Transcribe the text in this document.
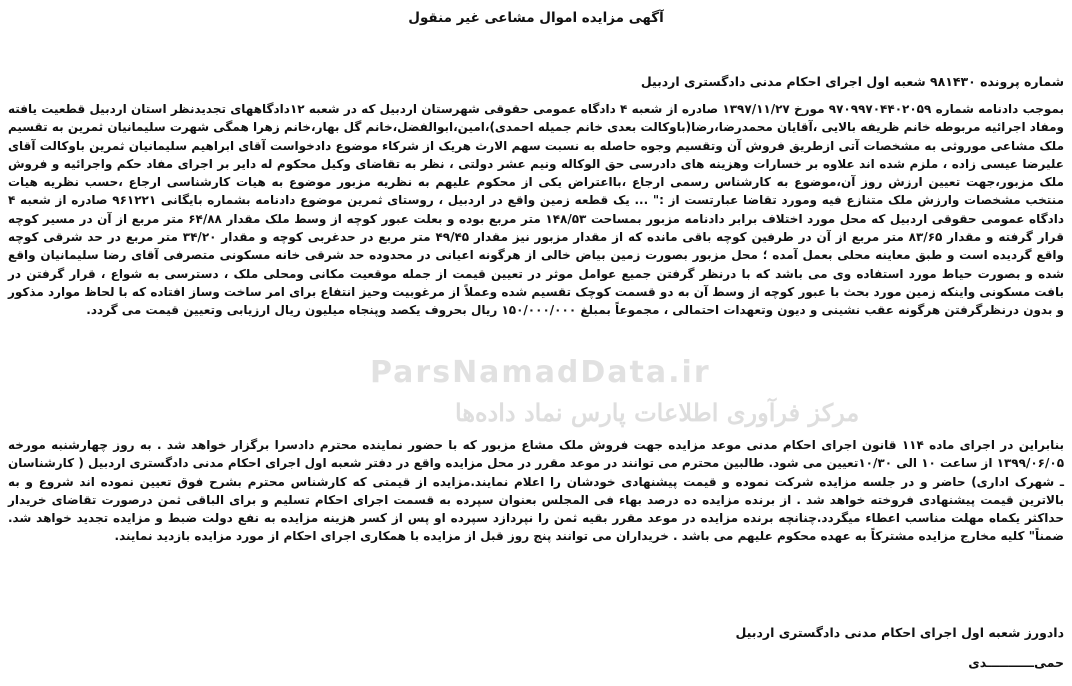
آگهی مزایده اموال مشاعی غیر منقول
شماره پرونده ۹۸۱۴۳۰ شعبه اول اجرای احکام مدنی دادگستری اردبیل

بموجب دادنامه شماره ۹۷۰۹۹۷۰۴۴۰۲۰۵۹ مورخ ۱۳۹۷/۱۱/۲۷ صادره از شعبه ۴ دادگاه عمومی حقوقی شهرستان اردبیل که در شعبه ۱۲دادگاههای تجدیدنظر استان اردبیل قطعیت یافته ومفاد اجرائیه مربوطه خانم ظریفه بالایی ،آقایان محمدرضا،رضا(باوکالت بعدی خانم جمیله احمدی)،امین،ابوالفضل،خانم گل بهار،خانم زهرا همگی شهرت سلیمانیان ثمرین به تقسیم ملک مشاعی موروثی به مشخصات آتی ازطریق فروش آن وتقسیم وجوه حاصله به نسبت سهم الارث هریک از شرکاء موضوع دادخواست آقای ابراهیم سلیمانیان ثمرین باوکالت آقای علیرضا عیسی زاده ، ملزم شده اند علاوه بر خسارات وهزینه های دادرسی حق الوکاله ونیم عشر دولتی ، نظر به تقاضای وکیل محکوم له دایر بر اجرای مفاد حکم واجرائیه و فروش ملک مزبور،جهت تعیین ارزش روز آن،موضوع به کارشناس رسمی ارجاع ،بااعتراض یکی از محکوم علیهم به نظریه مزبور موضوع به هیات کارشناسی ارجاع ،حسب نظریه هیات منتخب مشخصات وارزش ملک متنازع فیه ومورد تقاضا عبارتست از :" ... یک قطعه زمین واقع در اردبیل ، روستای ثمرین موضوع دادنامه بشماره بایگانی ۹۶۱۲۲۱ صادره از شعبه ۴ دادگاه عمومی حقوقی اردبیل که محل مورد اختلاف برابر دادنامه مزبور بمساحت ۱۴۸/۵۳ متر مربع بوده و بعلت عبور کوچه از وسط ملک مقدار ۶۴/۸۸ متر مربع از آن در مسیر کوچه قرار گرفته و مقدار ۸۳/۶۵ متر مربع از آن در طرفین کوچه باقی مانده که از مقدار مزبور نیز مقدار ۴۹/۴۵ متر مربع در حدغربی کوچه و مقدار ۳۴/۲۰ متر مربع در حد شرقی کوچه واقع گردیده است و طبق معاینه محلی بعمل آمده ؛ محل مزبور بصورت زمین بیاض خالی از هرگونه اعیانی در محدوده حد شرقی خانه مسکونی متصرفی آقای رضا سلیمانیان واقع شده و بصورت حیاط مورد استفاده وی می باشد که با درنظر گرفتن جمیع عوامل موثر در تعیین قیمت از جمله موقعیت مکانی ومحلی ملک ، دسترسی به شواع ، قرار گرفتن در بافت مسکونی واینکه زمین مورد بحث با عبور کوچه از وسط آن به دو قسمت کوچک تقسیم شده وعملاً از مرغوبیت وحیز انتفاع برای امر ساخت وساز افتاده که با لحاظ موارد مذکور و بدون درنظرگرفتن هرگونه عقب نشینی و دیون وتعهدات احتمالی ، مجموعاً بمبلغ ۱۵۰/۰۰۰/۰۰۰ ریال بحروف یکصد وپنجاه میلیون ریال ارزیابی وتعیین قیمت می گردد.

ParsNamadData.ir
مرکز فرآوری اطلاعات پارس نماد داده‌ها

بنابراین در اجرای ماده ۱۱۴ قانون اجرای احکام مدنی موعد مزایده جهت فروش ملک مشاع مزبور که با حضور نماینده محترم دادسرا برگزار خواهد شد . به روز چهارشنبه مورخه ۱۳۹۹/۰۶/۰۵ از ساعت ۱۰ الی ۱۰/۳۰تعیین می شود. طالبین محترم می توانند در موعد مقرر در محل مزایده واقع در دفتر شعبه اول اجرای احکام مدنی دادگستری اردبیل ( کارشناسان ـ شهرک اداری) حاضر و در جلسه مزایده شرکت نموده و قیمت پیشنهادی خودشان را اعلام نمایند.مزایده از قیمتی که کارشناس محترم بشرح فوق تعیین نموده اند شروع و به بالاترین قیمت پیشنهادی فروخته خواهد شد . از برنده مزایده ده درصد بهاء فی المجلس بعنوان سپرده به قسمت اجرای احکام تسلیم و برای الباقی ثمن درصورت تقاضای خریدار حداکثر یکماه مهلت مناسب اعطاء میگردد.چنانچه برنده مزایده در موعد مقرر بقیه ثمن را نپردازد سپرده او پس از کسر هزینه مزایده به نفع دولت ضبط و مزایده تجدید خواهد شد. ضمناً" کلیه مخارج مزایده مشترکاً به عهده محکوم علیهم می باشد . خریداران می توانند پنج روز قبل از مزایده با همکاری اجرای احکام از مورد مزایده بازدید نمایند.

دادورز شعبه اول اجرای احکام مدنی دادگستری اردبیل
حمی‌ـــــــــــدی
